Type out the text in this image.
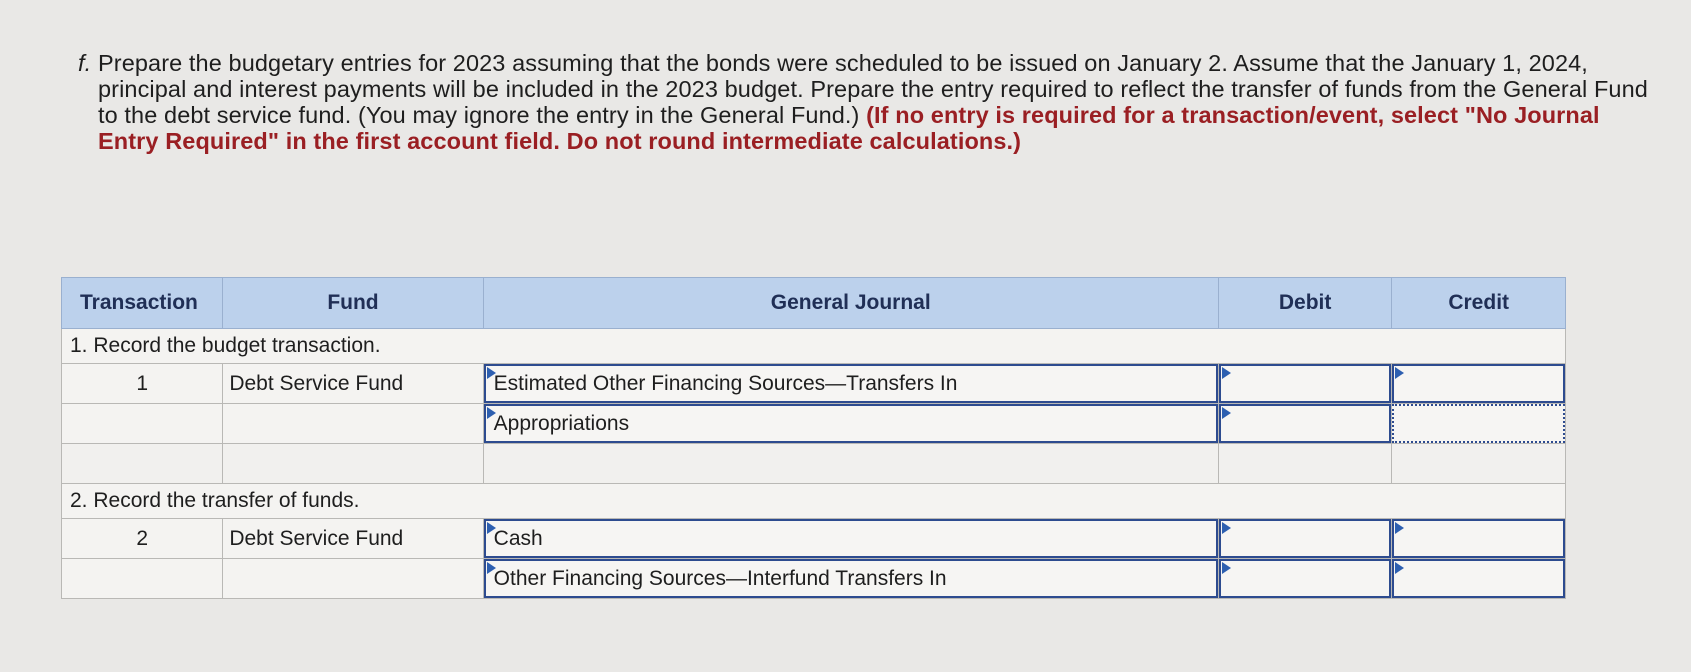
f. Prepare the budgetary entries for 2023 assuming that the bonds were scheduled to be issued on January 2. Assume that the January 1, 2024, principal and interest payments will be included in the 2023 budget. Prepare the entry required to reflect the transfer of funds from the General Fund to the debt service fund. (You may ignore the entry in the General Fund.) (If no entry is required for a transaction/event, select "No Journal Entry Required" in the first account field. Do not round intermediate calculations.)
Transaction	Fund	General Journal	Debit	Credit
1. Record the budget transaction.				
1	Debt Service Fund	Estimated Other Financing Sources—Transfers In		

		Appropriations		

2. Record the transfer of funds.				
2	Debt Service Fund	Cash		

		Other Financing Sources—Interfund Transfers In		
